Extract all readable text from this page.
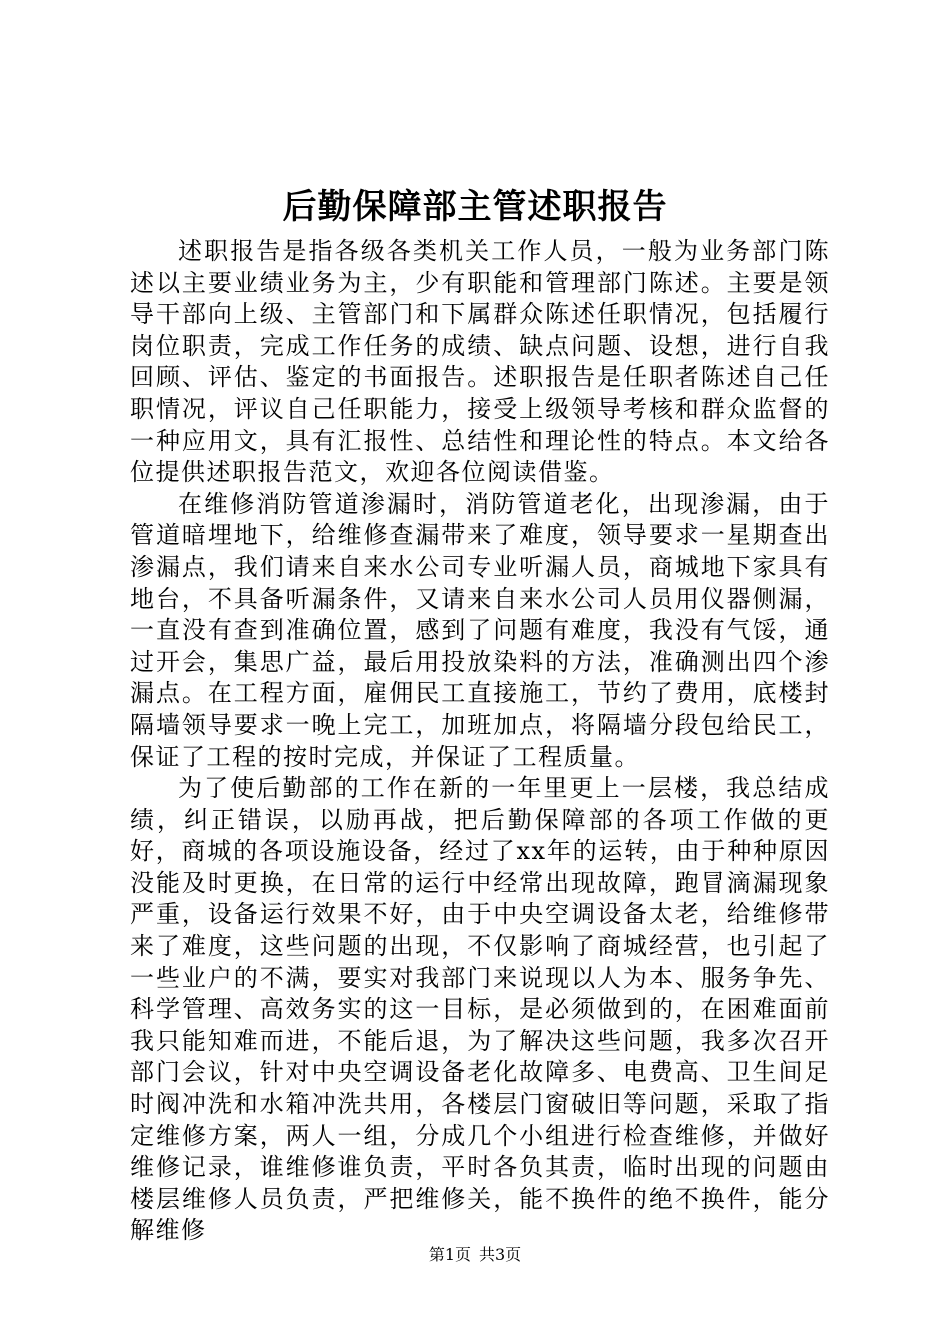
后勤保障部主管述职报告

述职报告是指各级各类机关工作人员，一般为业务部门陈述以主要业绩业务为主，少有职能和管理部门陈述。主要是领导干部向上级、主管部门和下属群众陈述任职情况，包括履行岗位职责，完成工作任务的成绩、缺点问题、设想，进行自我回顾、评估、鉴定的书面报告。述职报告是任职者陈述自己任职情况，评议自己任职能力，接受上级领导考核和群众监督的一种应用文，具有汇报性、总结性和理论性的特点。本文给各位提供述职报告范文，欢迎各位阅读借鉴。

在维修消防管道渗漏时，消防管道老化，出现渗漏，由于管道暗埋地下，给维修查漏带来了难度，领导要求一星期查出渗漏点，我们请来自来水公司专业听漏人员，商城地下家具有地台，不具备听漏条件，又请来自来水公司人员用仪器侧漏，一直没有查到准确位置，感到了问题有难度，我没有气馁，通过开会，集思广益，最后用投放染料的方法，准确测出四个渗漏点。在工程方面，雇佣民工直接施工，节约了费用，底楼封隔墙领导要求一晚上完工，加班加点，将隔墙分段包给民工，保证了工程的按时完成，并保证了工程质量。

为了使后勤部的工作在新的一年里更上一层楼，我总结成绩，纠正错误，以励再战，把后勤保障部的各项工作做的更好，商城的各项设施设备，经过了xx年的运转，由于种种原因没能及时更换，在日常的运行中经常出现故障，跑冒滴漏现象严重，设备运行效果不好，由于中央空调设备太老，给维修带来了难度，这些问题的出现，不仅影响了商城经营，也引起了一些业户的不满，要实对我部门来说现以人为本、服务争先、科学管理、高效务实的这一目标，是必须做到的，在困难面前我只能知难而进，不能后退，为了解决这些问题，我多次召开部门会议，针对中央空调设备老化故障多、电费高、卫生间足时阀冲洗和水箱冲洗共用，各楼层门窗破旧等问题，采取了指定维修方案，两人一组，分成几个小组进行检查维修，并做好维修记录，谁维修谁负责，平时各负其责，临时出现的问题由楼层维修人员负责，严把维修关，能不换件的绝不换件，能分解维修

第1页 共3页
